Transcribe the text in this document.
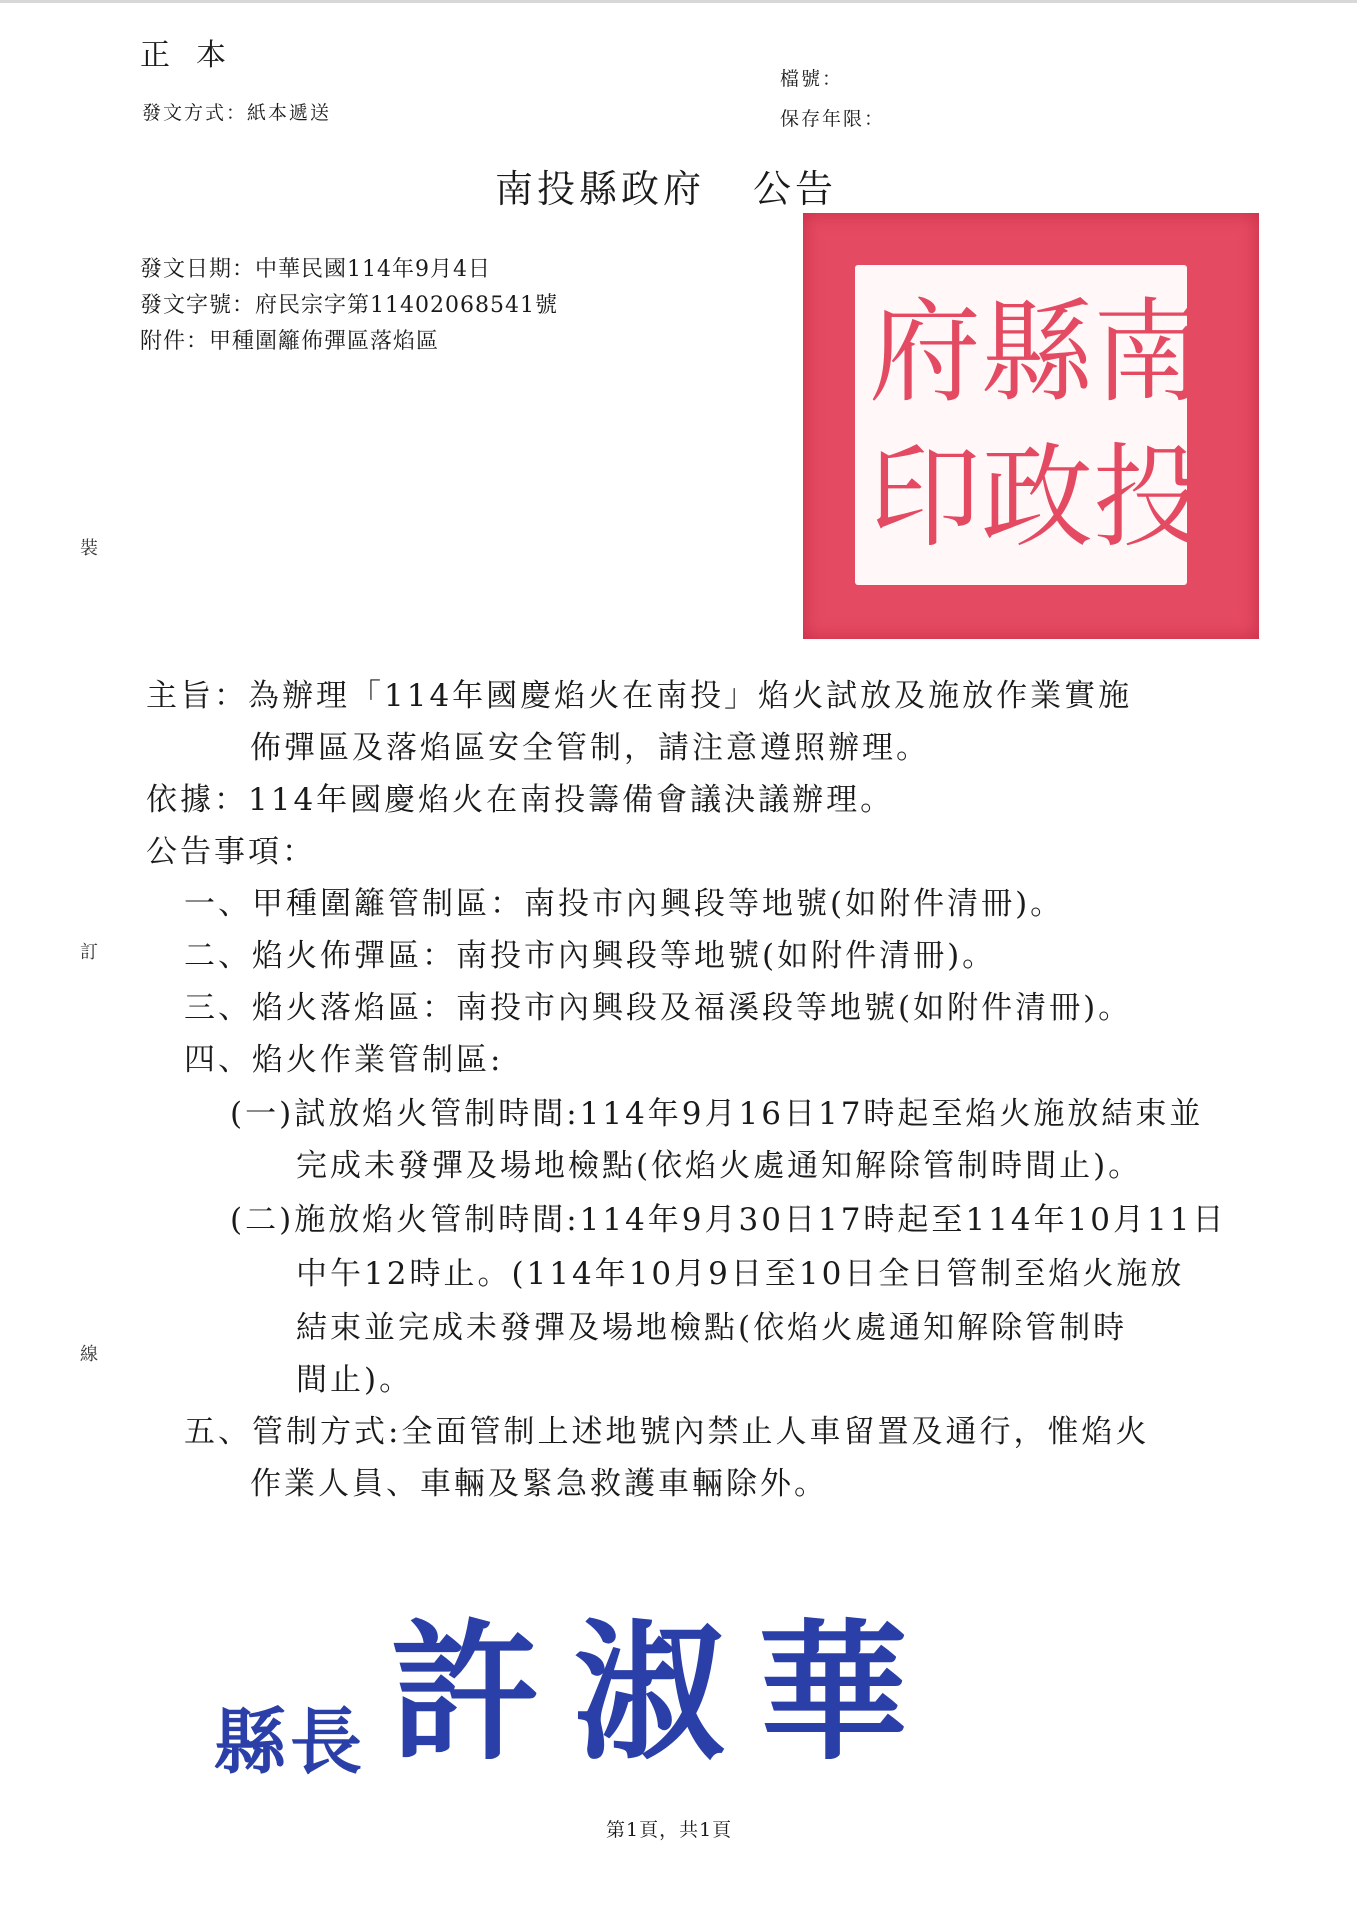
正本
發文方式：紙本遞送
檔號：
保存年限：
南投縣政府 公告
發文日期：中華民國114年9月4日
發文字號：府民宗字第11402068541號
附件：甲種圍籬佈彈區落焰區	府 縣 南
印 政 投
裝
訂
線
主旨：為辦理「114年國慶焰火在南投」焰火試放及施放作業實施
佈彈區及落焰區安全管制，請注意遵照辦理。
依據：114年國慶焰火在南投籌備會議決議辦理。
公告事項：
一、甲種圍籬管制區：南投市內興段等地號(如附件清冊)。
二、焰火佈彈區：南投市內興段等地號(如附件清冊)。
三、焰火落焰區：南投市內興段及福溪段等地號(如附件清冊)。
四、焰火作業管制區:
(一)試放焰火管制時間:114年9月16日17時起至焰火施放結束並
完成未發彈及場地檢點(依焰火處通知解除管制時間止)。
(二)施放焰火管制時間:114年9月30日17時起至114年10月11日
中午12時止。(114年10月9日至10日全日管制至焰火施放
結束並完成未發彈及場地檢點(依焰火處通知解除管制時
間止)。
五、管制方式:全面管制上述地號內禁止人車留置及通行，惟焰火
作業人員、車輛及緊急救護車輛除外。
縣長 許淑華
第1頁，共1頁
